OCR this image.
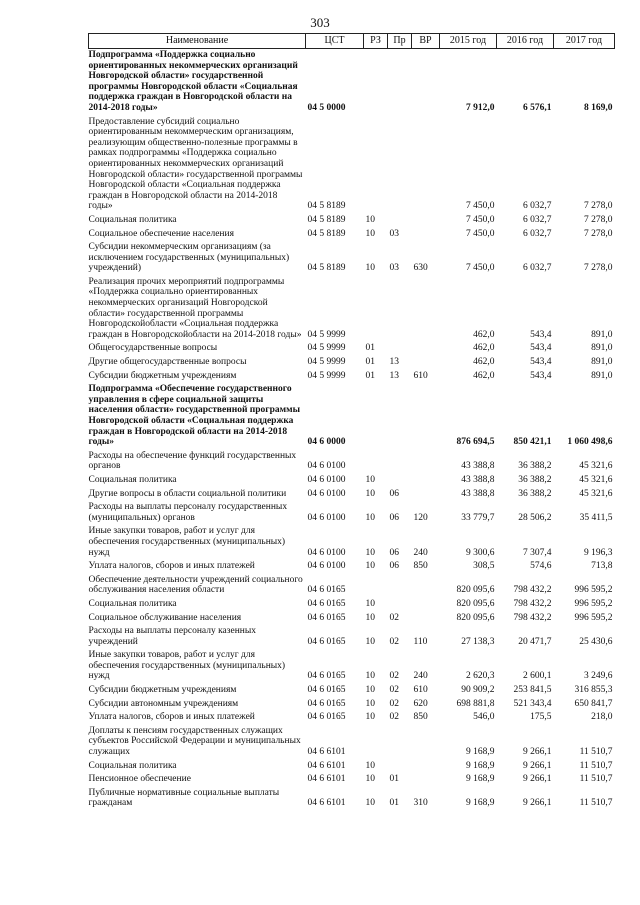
303
Наименование	ЦСТ	РЗ	Пр	ВР	2015 год	2016 год	2017 год
Подпрограмма «Поддержка социально ориентированных некоммерческих организаций Новгородской области» государственной программы Новгородской области «Социальная поддержка граждан в Новгородской области на 2014-2018 годы»	04 5 0000				7 912,0	6 576,1	8 169,0
Предоставление субсидий социально ориентированным некоммерческим организациям, реализующим общественно-полезные программы в рамках подпрограммы «Поддержка социально ориентированных некоммерческих организаций Новгородской области» государственной программы Новгородской области «Социальная поддержка граждан в Новгородской области на 2014-2018 годы»	04 5 8189				7 450,0	6 032,7	7 278,0
Социальная политика	04 5 8189	10			7 450,0	6 032,7	7 278,0
Социальное обеспечение населения	04 5 8189	10	03		7 450,0	6 032,7	7 278,0
Субсидии некоммерческим организациям (за исключением государственных (муниципальных) учреждений)	04 5 8189	10	03	630	7 450,0	6 032,7	7 278,0
Реализация прочих мероприятий подпрограммы «Поддержка социально ориентированных некоммерческих организаций Новгородской области» государственной программы Новгородскойобласти «Социальная поддержка граждан в Новгородскойобласти на 2014-2018 годы»	04 5 9999				462,0	543,4	891,0
Общегосударственные вопросы	04 5 9999	01			462,0	543,4	891,0
Другие общегосударственные вопросы	04 5 9999	01	13		462,0	543,4	891,0
Субсидии бюджетным учреждениям	04 5 9999	01	13	610	462,0	543,4	891,0
Подпрограмма «Обеспечение государственного управления в сфере социальной защиты населения области» государственной программы Новгородской области «Социальная поддержка граждан в Новгородской области на 2014-2018 годы»	04 6 0000				876 694,5	850 421,1	1 060 498,6
Расходы на обеспечение функций государственных органов	04 6 0100				43 388,8	36 388,2	45 321,6
Социальная политика	04 6 0100	10			43 388,8	36 388,2	45 321,6
Другие вопросы в области социальной политики	04 6 0100	10	06		43 388,8	36 388,2	45 321,6
Расходы на выплаты персоналу государственных (муниципальных) органов	04 6 0100	10	06	120	33 779,7	28 506,2	35 411,5
Иные закупки товаров, работ и услуг для обеспечения государственных (муниципальных) нужд	04 6 0100	10	06	240	9 300,6	7 307,4	9 196,3
Уплата налогов, сборов и иных платежей	04 6 0100	10	06	850	308,5	574,6	713,8
Обеспечение деятельности учреждений социального обслуживания населения области	04 6 0165				820 095,6	798 432,2	996 595,2
Социальная политика	04 6 0165	10			820 095,6	798 432,2	996 595,2
Социальное обслуживание населения	04 6 0165	10	02		820 095,6	798 432,2	996 595,2
Расходы на выплаты персоналу казенных учреждений	04 6 0165	10	02	110	27 138,3	20 471,7	25 430,6
Иные закупки товаров, работ и услуг для обеспечения государственных (муниципальных) нужд	04 6 0165	10	02	240	2 620,3	2 600,1	3 249,6
Субсидии бюджетным учреждениям	04 6 0165	10	02	610	90 909,2	253 841,5	316 855,3
Субсидии автономным учреждениям	04 6 0165	10	02	620	698 881,8	521 343,4	650 841,7
Уплата налогов, сборов и иных платежей	04 6 0165	10	02	850	546,0	175,5	218,0
Доплаты к пенсиям государственных служащих субъектов Российской Федерации и муниципальных служащих	04 6 6101				9 168,9	9 266,1	11 510,7
Социальная политика	04 6 6101	10			9 168,9	9 266,1	11 510,7
Пенсионное обеспечение	04 6 6101	10	01		9 168,9	9 266,1	11 510,7
Публичные нормативные социальные выплаты гражданам	04 6 6101	10	01	310	9 168,9	9 266,1	11 510,7
